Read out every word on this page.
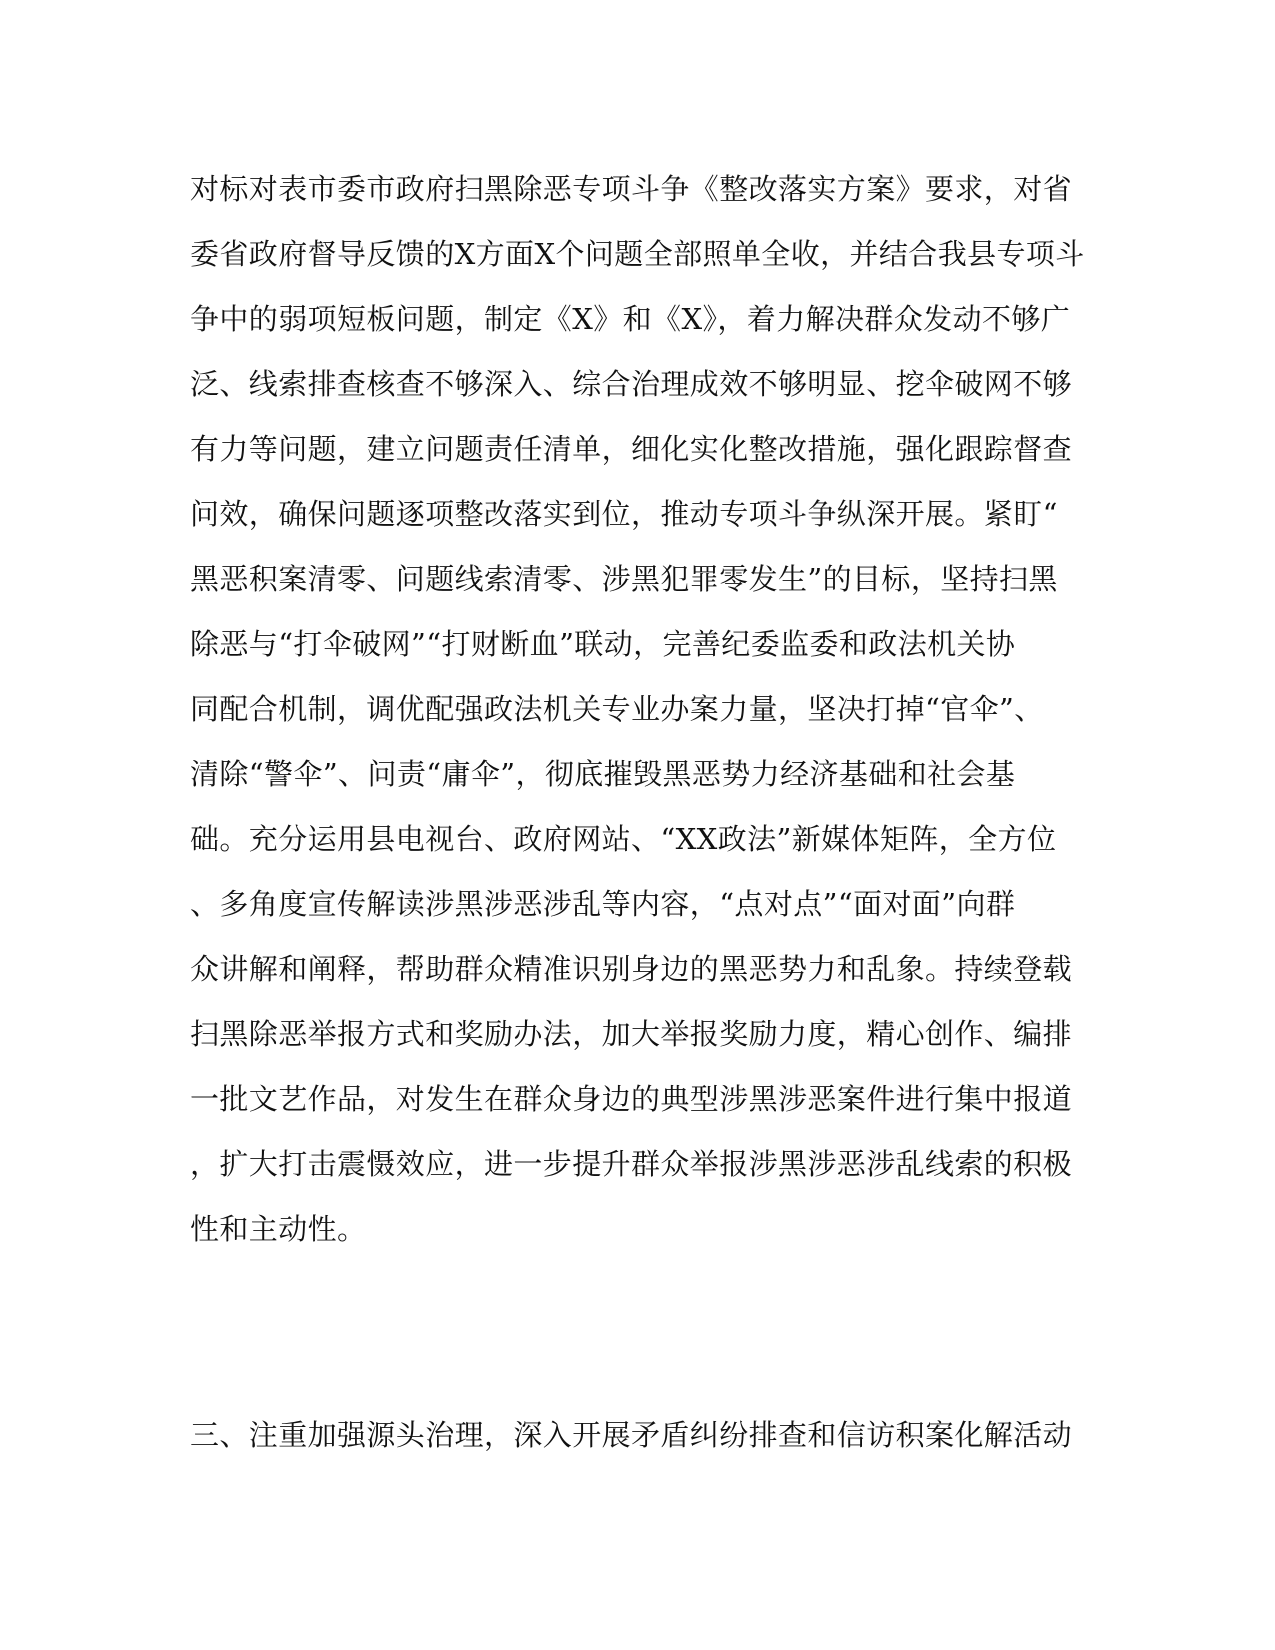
对标对表市委市政府扫黑除恶专项斗争《整改落实方案》要求，对省
委省政府督导反馈的X方面X个问题全部照单全收，并结合我县专项斗
争中的弱项短板问题，制定《X》和《X》，着力解决群众发动不够广
泛、线索排查核查不够深入、综合治理成效不够明显、挖伞破网不够
有力等问题，建立问题责任清单，细化实化整改措施，强化跟踪督查
问效，确保问题逐项整改落实到位，推动专项斗争纵深开展。紧盯“
黑恶积案清零、问题线索清零、涉黑犯罪零发生”的目标，坚持扫黑
除恶与“打伞破网”“打财断血”联动，完善纪委监委和政法机关协
同配合机制，调优配强政法机关专业办案力量，坚决打掉“官伞”、
清除“警伞”、问责“庸伞”，彻底摧毁黑恶势力经济基础和社会基
础。充分运用县电视台、政府网站、“XX政法”新媒体矩阵，全方位
、多角度宣传解读涉黑涉恶涉乱等内容，“点对点”“面对面”向群
众讲解和阐释，帮助群众精准识别身边的黑恶势力和乱象。持续登载
扫黑除恶举报方式和奖励办法，加大举报奖励力度，精心创作、编排
一批文艺作品，对发生在群众身边的典型涉黑涉恶案件进行集中报道
，扩大打击震慑效应，进一步提升群众举报涉黑涉恶涉乱线索的积极
性和主动性。
三、注重加强源头治理，深入开展矛盾纠纷排查和信访积案化解活动
